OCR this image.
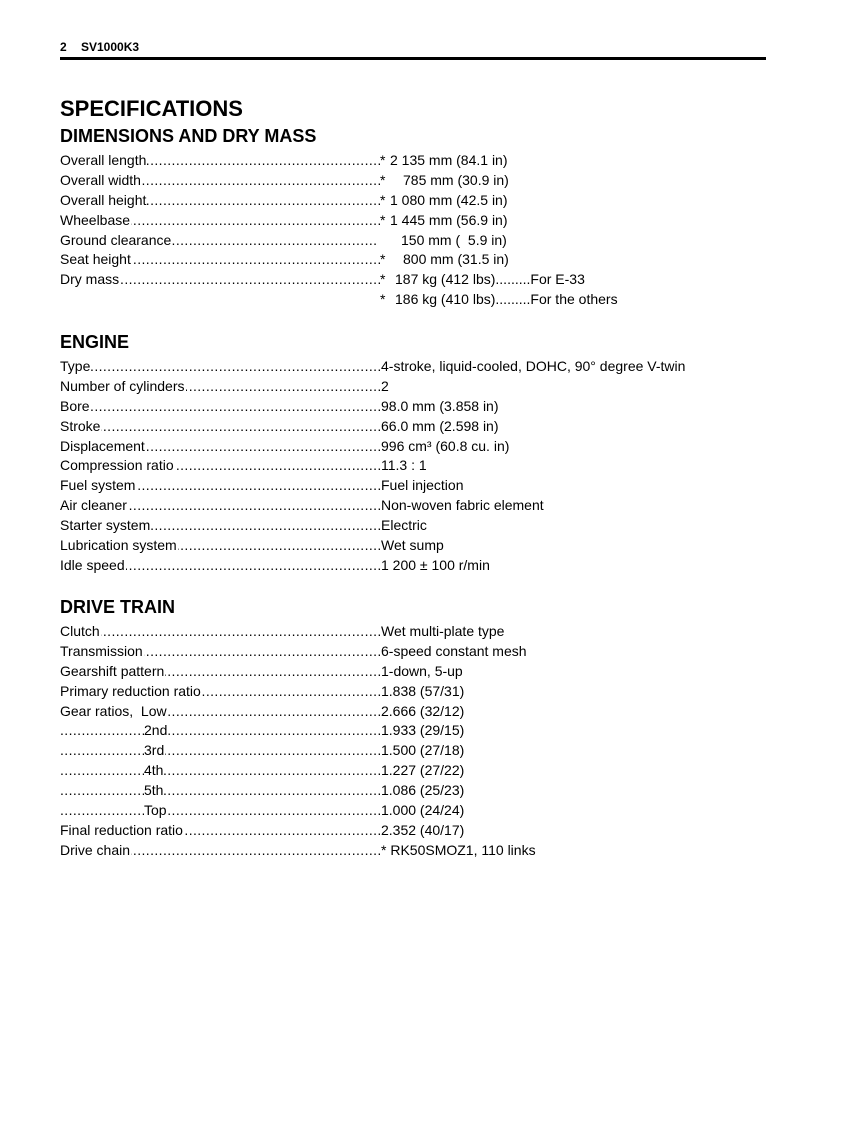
2 SV1000K3
SPECIFICATIONS
DIMENSIONS AND DRY MASS
Overall length .....	* 2 135 mm (84.1 in)
Overall width .....	* 785 mm (30.9 in)
Overall height .....	* 1 080 mm (42.5 in)
Wheelbase .....	* 1 445 mm (56.9 in)
Ground clearance .....	150 mm (  5.9 in)
Seat height .....	* 800 mm (31.5 in)
Dry mass .....	* 187 kg (412 lbs)	..... For E-33
* 186 kg (410 lbs)	..... For the others
ENGINE
Type .....	4-stroke, liquid-cooled, DOHC, 90° degree V-twin
Number of cylinders .....	2
Bore .....	98.0 mm (3.858 in)
Stroke .....	66.0 mm (2.598 in)
Displacement .....	996 cm³ (60.8 cu. in)
Compression ratio .....	11.3 : 1
Fuel system .....	Fuel injection
Air cleaner .....	Non-woven fabric element
Starter system .....	Electric
Lubrication system .....	Wet sump
Idle speed .....	1 200 ± 100 r/min
DRIVE TRAIN
Clutch .....	Wet multi-plate type
Transmission .....	6-speed constant mesh
Gearshift pattern .....	1-down, 5-up
Primary reduction ratio .....	1.838 (57/31)
Gear ratios,  Low .....	2.666 (32/12)
2nd .....	1.933 (29/15)
3rd .....	1.500 (27/18)
4th .....	1.227 (27/22)
5th .....	1.086 (25/23)
Top .....	1.000 (24/24)
Final reduction ratio .....	2.352 (40/17)
Drive chain .....	* RK50SMOZ1, 110 links
